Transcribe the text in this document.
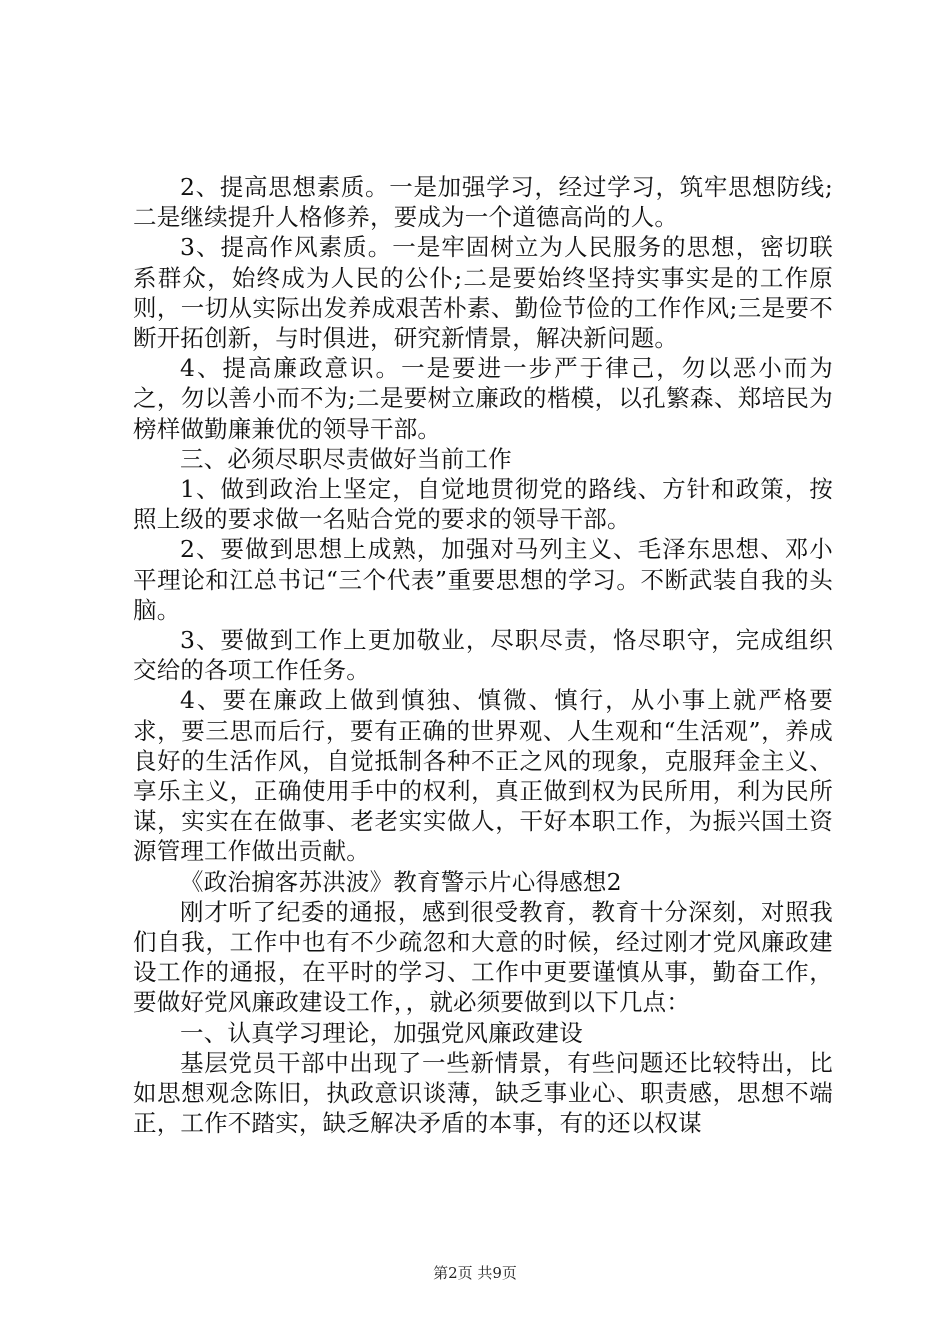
2、提高思想素质。一是加强学习，经过学习，筑牢思想防线;二是继续提升人格修养，要成为一个道德高尚的人。

3、提高作风素质。一是牢固树立为人民服务的思想，密切联系群众，始终成为人民的公仆;二是要始终坚持实事实是的工作原则，一切从实际出发养成艰苦朴素、勤俭节俭的工作作风;三是要不断开拓创新，与时俱进，研究新情景，解决新问题。

4、提高廉政意识。一是要进一步严于律己，勿以恶小而为之，勿以善小而不为;二是要树立廉政的楷模，以孔繁森、郑培民为榜样做勤廉兼优的领导干部。

三、必须尽职尽责做好当前工作

1、做到政治上坚定，自觉地贯彻党的路线、方针和政策，按照上级的要求做一名贴合党的要求的领导干部。

2、要做到思想上成熟，加强对马列主义、毛泽东思想、邓小平理论和江总书记“三个代表”重要思想的学习。不断武装自我的头脑。

3、要做到工作上更加敬业，尽职尽责，恪尽职守，完成组织交给的各项工作任务。

4、要在廉政上做到慎独、慎微、慎行，从小事上就严格要求，要三思而后行，要有正确的世界观、人生观和“生活观”，养成良好的生活作风，自觉抵制各种不正之风的现象，克服拜金主义、享乐主义，正确使用手中的权利，真正做到权为民所用，利为民所谋，实实在在做事、老老实实做人，干好本职工作，为振兴国土资源管理工作做出贡献。

《政治掮客苏洪波》教育警示片心得感想2

刚才听了纪委的通报，感到很受教育，教育十分深刻，对照我们自我，工作中也有不少疏忽和大意的时候，经过刚才党风廉政建设工作的通报，在平时的学习、工作中更要谨慎从事，勤奋工作，要做好党风廉政建设工作，，就必须要做到以下几点：

一、认真学习理论，加强党风廉政建设

基层党员干部中出现了一些新情景，有些问题还比较特出，比如思想观念陈旧，执政意识谈薄，缺乏事业心、职责感，思想不端正，工作不踏实，缺乏解决矛盾的本事，有的还以权谋

第2页 共9页
